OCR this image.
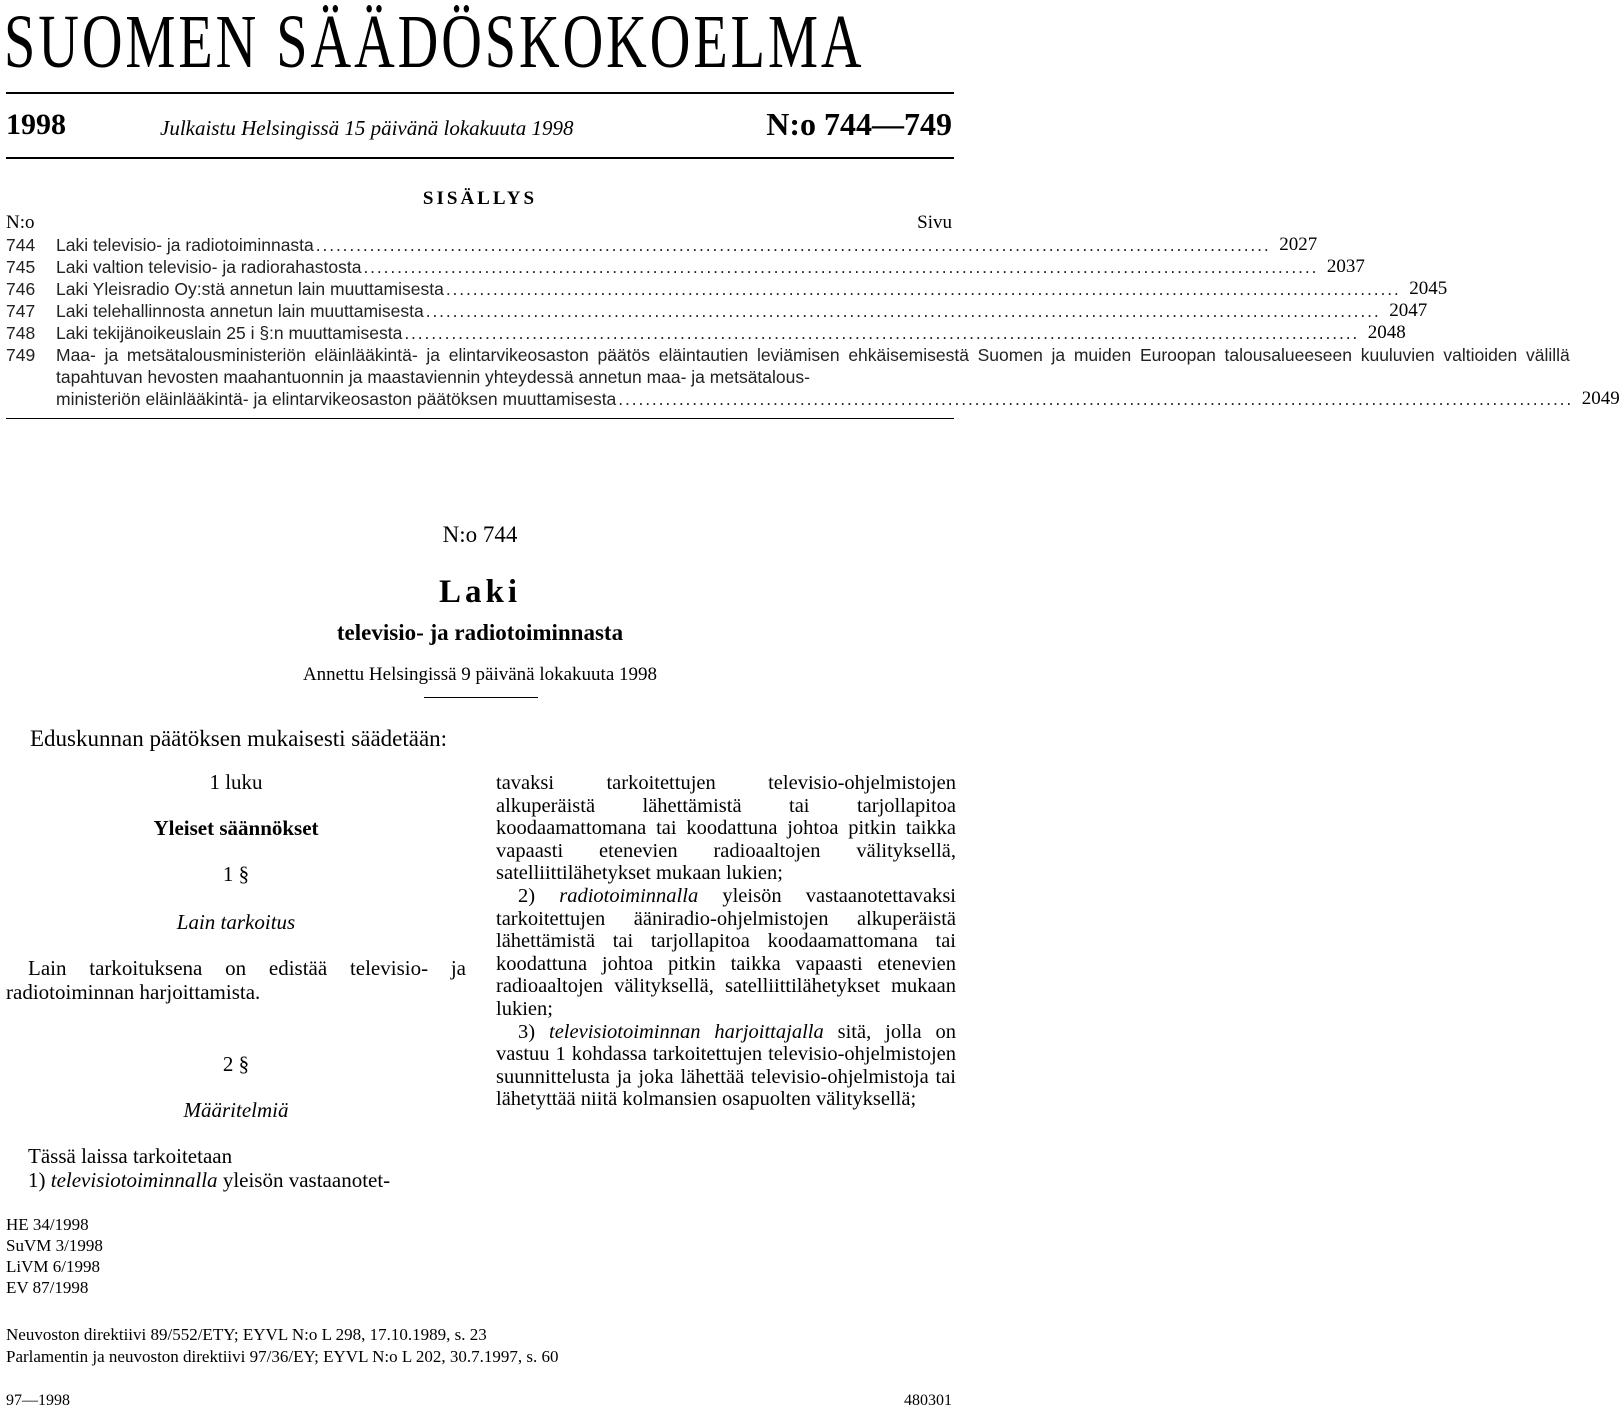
SUOMEN SÄÄDÖSKOKOELMA
1998	Julkaistu Helsingissä 15 päivänä lokakuuta 1998	N:o 744—749
SISÄLLYS
N:o	Sivu
744	Laki televisio- ja radiotoiminnasta . . .	2027
745	Laki valtion televisio- ja radiorahastosta . . .	2037
746	Laki Yleisradio Oy:stä annetun lain muuttamisesta . . .	2045
747	Laki telehallinnosta annetun lain muuttamisesta . . .	2047
748	Laki tekijänoikeuslain 25 i §:n muuttamisesta . . .	2048
749	Maa- ja metsätalousministeriön eläinlääkintä- ja elintarvikeosaston päätös eläintautien leviämisen ehkäisemisestä Suomen ja muiden Euroopan talousalueeseen kuuluvien valtioiden välillä tapahtuvan hevosten maahantuonnin ja maastaviennin yhteydessä annetun maa- ja metsätalous-
ministeriön eläinlääkintä- ja elintarvikeosaston päätöksen muuttamisesta . . .	2049
N:o 744
Laki
televisio- ja radiotoiminnasta
Annettu Helsingissä 9 päivänä lokakuuta 1998
Eduskunnan päätöksen mukaisesti säädetään:
1 luku
Yleiset säännökset
1 §
Lain tarkoitus
Lain tarkoituksena on edistää televisio- ja radiotoiminnan harjoittamista.
2 §
Määritelmiä
Tässä laissa tarkoitetaan
1) televisiotoiminnalla yleisön vastaanotet-

tavaksi tarkoitettujen televisio-ohjelmistojen alkuperäistä lähettämistä tai tarjollapitoa koodaamattomana tai koodattuna johtoa pitkin taikka vapaasti etenevien radioaaltojen välityksellä, satelliittilähetykset mukaan lukien;

2) radiotoiminnalla yleisön vastaanotettavaksi tarkoitettujen ääniradio-ohjelmistojen alkuperäistä lähettämistä tai tarjollapitoa koodaamattomana tai koodattuna johtoa pitkin taikka vapaasti etenevien radioaaltojen välityksellä, satelliittilähetykset mukaan lukien;

3) televisiotoiminnan harjoittajalla sitä, jolla on vastuu 1 kohdassa tarkoitettujen televisio-ohjelmistojen suunnittelusta ja joka lähettää televisio-ohjelmistoja tai lähetyttää niitä kolmansien osapuolten välityksellä;

HE 34/1998
SuVM 3/1998
LiVM 6/1998
EV 87/1998
Neuvoston direktiivi 89/552/ETY; EYVL N:o L 298, 17.10.1989, s. 23
Parlamentin ja neuvoston direktiivi 97/36/EY; EYVL N:o L 202, 30.7.1997, s. 60
97—1998	480301
